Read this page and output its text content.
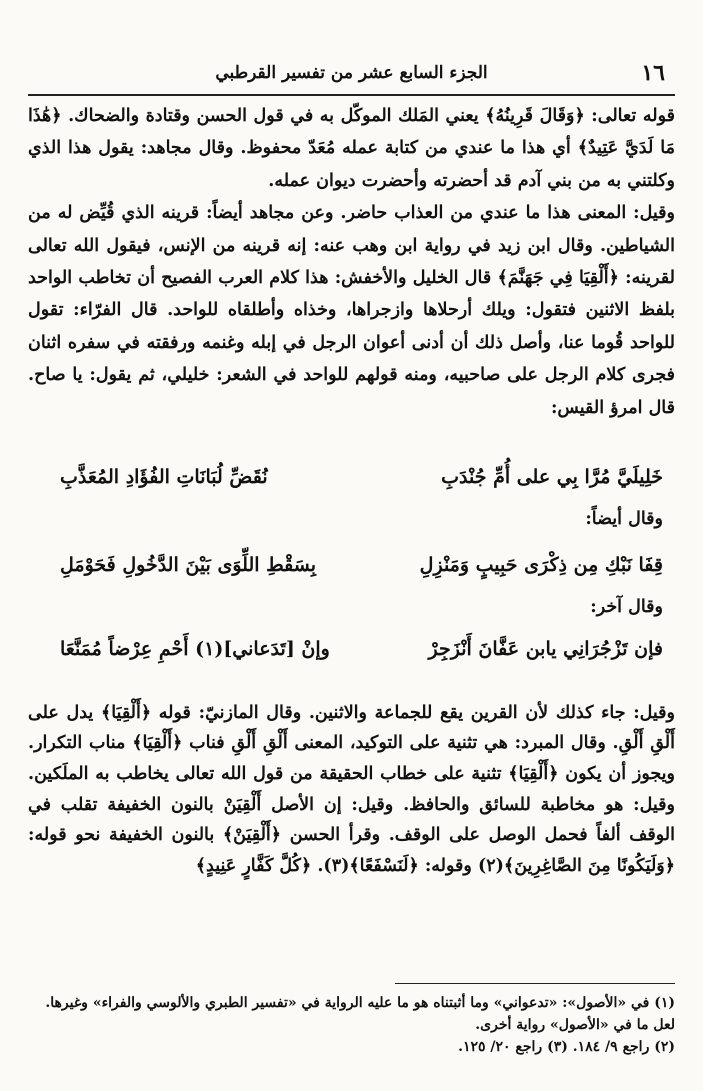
١٦
الجزء السابع عشر من تفسير القرطبي

قوله تعالى: ﴿وَقَالَ قَرِينُهُ﴾ يعني المَلك الموكّل به في قول الحسن وقتادة والضحاك. ﴿هَٰذَا مَا لَدَيَّ عَتِيدٌ﴾ أي هذا ما عندي من كتابة عمله مُعَدّ محفوظ. وقال مجاهد: يقول هذا الذي وكلتني به من بني آدم قد أحضرته وأحضرت ديوان عمله.

وقيل: المعنى هذا ما عندي من العذاب حاضر. وعن مجاهد أيضاً: قرينه الذي قُيِّض له من الشياطين. وقال ابن زيد في رواية ابن وهب عنه: إنه قرينه من الإنس، فيقول الله تعالى لقرينه: ﴿أَلْقِيَا فِي جَهَنَّمَ﴾ قال الخليل والأخفش: هذا كلام العرب الفصيح أن تخاطب الواحد بلفظ الاثنين فتقول: ويلك أرحلاها وازجراها، وخذاه وأطلقاه للواحد. قال الفرّاء: تقول للواحد قُوما عنا، وأصل ذلك أن أدنى أعوان الرجل في إبله وغنمه ورفقته في سفره اثنان فجرى كلام الرجل على صاحبيه، ومنه قولهم للواحد في الشعر: خليلي، ثم يقول: يا صاح. قال امرؤ القيس:

خَلِيلَيَّ مُرَّا بِي على أُمِّ جُنْدَبِ
نُقَضِّ لُبَانَاتِ الفُؤَادِ المُعَذَّبِ
وقال أيضاً:
قِفَا نَبْكِ مِن ذِكْرَى حَبِيبٍ وَمَنْزِلِ
بِسَقْطِ اللِّوَى بَيْنَ الدَّخُولِ فَحَوْمَلِ
وقال آخر:
فإن تَزْجُرَانِي يابن عَفَّانَ أَنْزَجِرْ
وإنْ [تَدَعاني](١) أَحْمِ عِرْضاً مُمَنَّعَا

وقيل: جاء كذلك لأن القرين يقع للجماعة والاثنين. وقال المازنيّ: قوله ﴿أَلْقِيَا﴾ يدل على أَلْقِ أَلْقِ. وقال المبرد: هي تثنية على التوكيد، المعنى أَلْقِ أَلْقِ فناب ﴿أَلْقِيَا﴾ مناب التكرار. ويجوز أن يكون ﴿أَلْقِيَا﴾ تثنية على خطاب الحقيقة من قول الله تعالى يخاطب به الملَكين. وقيل: هو مخاطبة للسائق والحافظ. وقيل: إن الأصل أَلْقِيَنْ بالنون الخفيفة تقلب في الوقف ألفاً فحمل الوصل على الوقف. وقرأ الحسن ﴿أَلْقِيَنْ﴾ بالنون الخفيفة نحو قوله: ﴿وَلَيَكُونًا مِنَ الصَّاغِرِينَ﴾(٢) وقوله: ﴿لَنَسْفَعًا﴾(٣). ﴿كُلَّ كَفَّارٍ عَنِيدٍ﴾

(١) في «الأصول»: «تدعواني» وما أثبتناه هو ما عليه الرواية في «تفسير الطبري والألوسي والفراء» وغيرها. لعل ما في «الأصول» رواية أخرى.

(٢) راجع ٩/ ١٨٤. (٣) راجع ٢٠/ ١٢٥.
